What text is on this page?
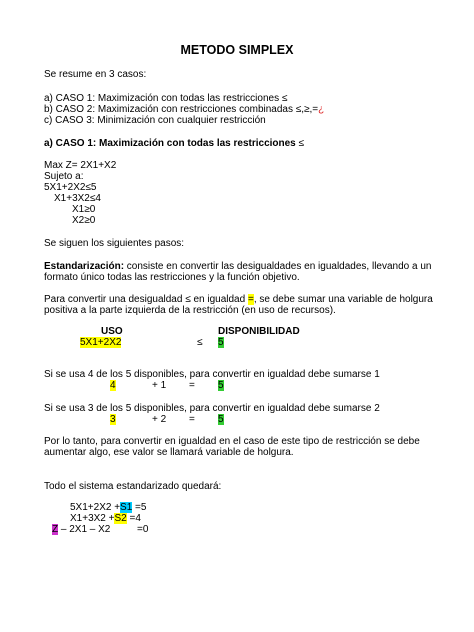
METODO SIMPLEX
Se resume en 3 casos:
a) CASO 1: Maximización con todas las restricciones ≤
b) CASO 2: Maximización con restricciones combinadas ≤,≥,=¿
c) CASO 3: Minimización con cualquier restricción
a) CASO 1: Maximización con todas las restricciones ≤
Max Z= 2X1+X2
Sujeto a:
5X1+2X2≤5
X1+3X2≤4
X1≥0
X2≥0
Se siguen los siguientes pasos:
Estandarización: consiste en convertir las desigualdades en igualdades, llevando a un
formato único todas las restricciones y la función objetivo.
Para convertir una desigualdad ≤ en igualdad =, se debe sumar una variable de holgura
positiva a la parte izquierda de la restricción (en uso de recursos).
USO	DISPONIBILIDAD
5X1+2X2	≤ 5
Si se usa 4 de los 5 disponibles, para convertir en igualdad debe sumarse 1
4	+ 1 = 5
Si se usa 3 de los 5 disponibles, para convertir en igualdad debe sumarse 2
3	+ 2 = 5
Por lo tanto, para convertir en igualdad en el caso de este tipo de restricción se debe
aumentar algo, ese valor se llamará variable de holgura.
Todo el sistema estandarizado quedará:
5X1+2X2 +S1 =5
X1+3X2 +S2 =4
Z – 2X1 – X2	=0
